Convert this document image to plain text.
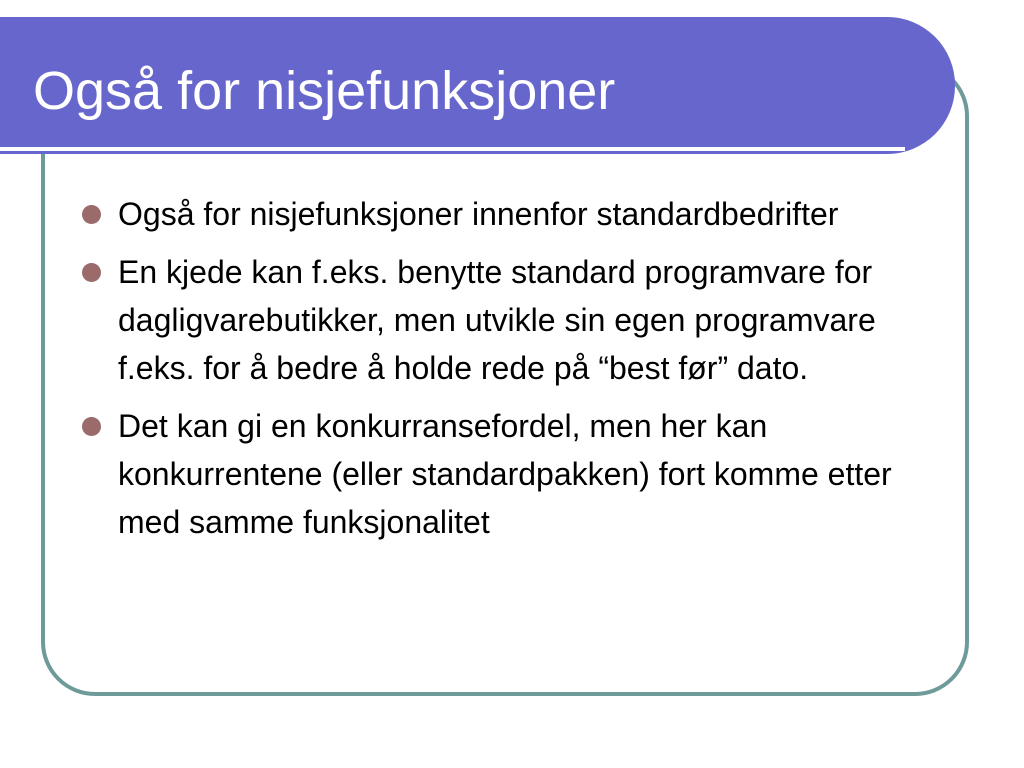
Også for nisjefunksjoner
Også for nisjefunksjoner innenfor standardbedrifter
En kjede kan f.eks. benytte standard programvare for dagligvarebutikker, men utvikle sin egen programvare f.eks. for å bedre å holde rede på “best før” dato.
Det kan gi en konkurransefordel, men her kan konkurrentene (eller standardpakken) fort komme etter med samme funksjonalitet
